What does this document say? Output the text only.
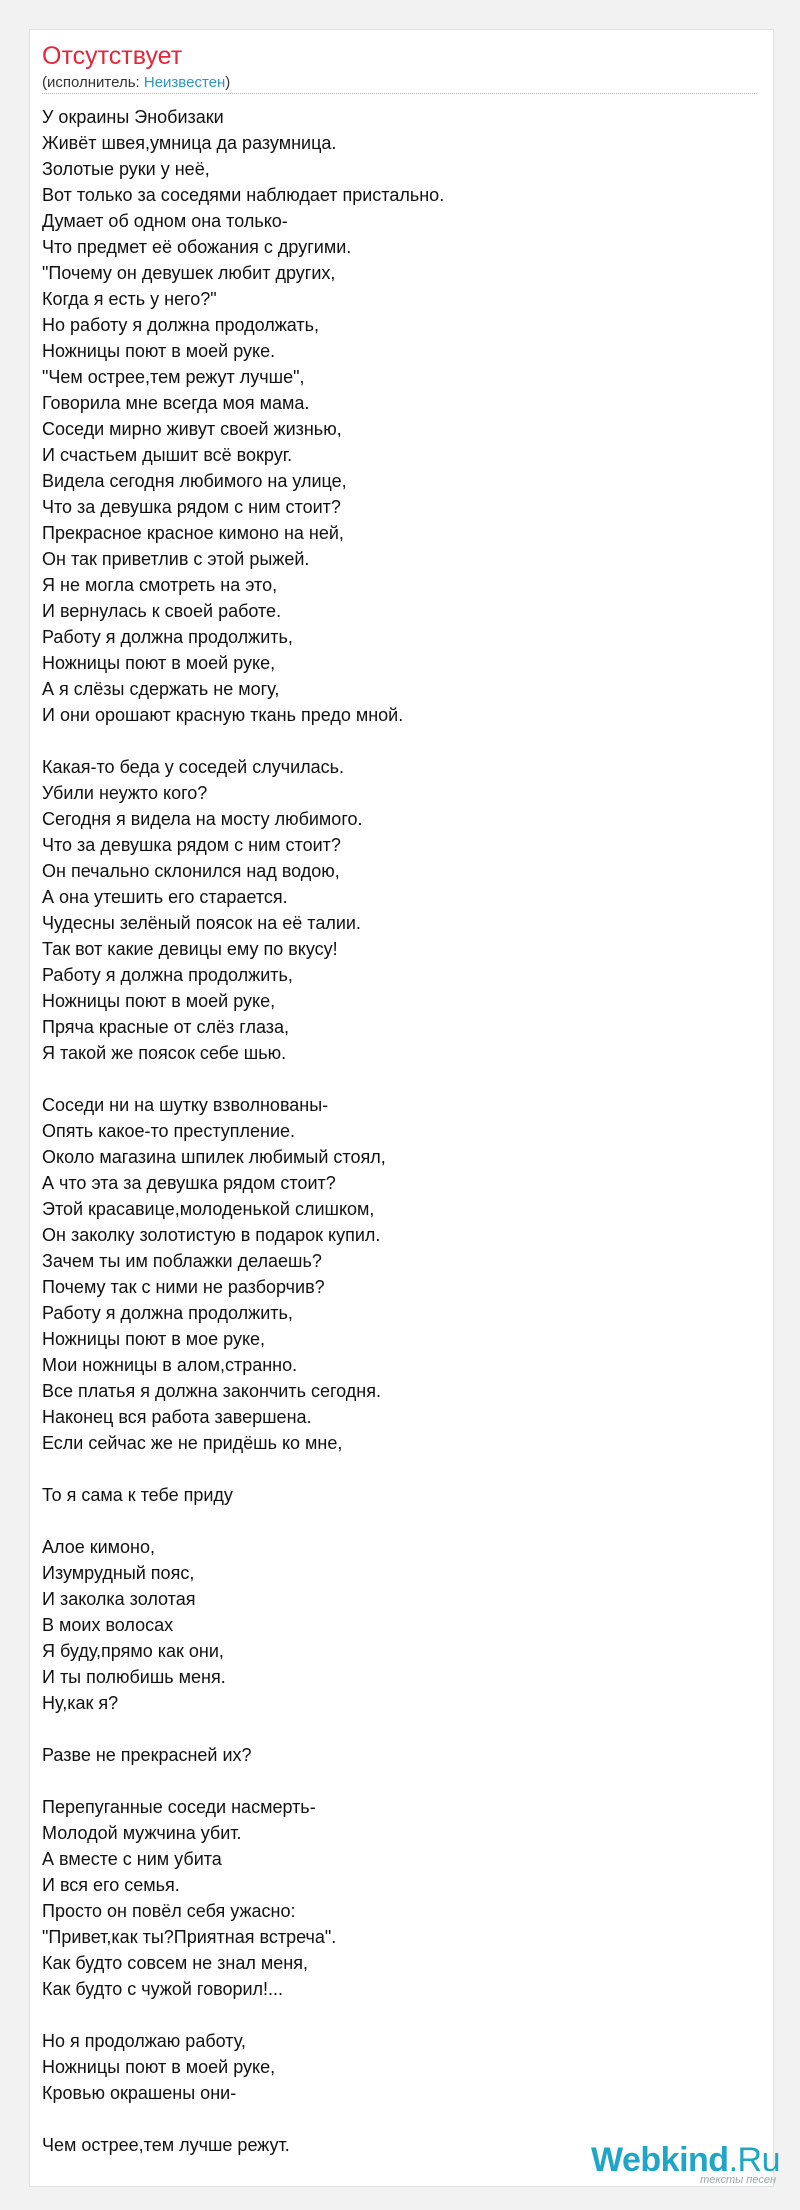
Отсутствует
(исполнитель: Неизвестен)
У окраины Энобизаки
Живёт швея,умница да разумница.
Золотые руки у неё,
Вот только за соседями наблюдает пристально.
Думает об одном она только-
Что предмет её обожания с другими.
"Почему он девушек любит других,
Когда я есть у него?"
Но работу я должна продолжать,
Ножницы поют в моей руке.
"Чем острее,тем режут лучше",
Говорила мне всегда моя мама.
Соседи мирно живут своей жизнью,
И счастьем дышит всё вокруг.
Видела сегодня любимого на улице,
Что за девушка рядом с ним стоит?
Прекрасное красное кимоно на ней,
Он так приветлив с этой рыжей.
Я не могла смотреть на это,
И вернулась к своей работе.
Работу я должна продолжить,
Ножницы поют в моей руке,
А я слёзы сдержать не могу,
И они орошают красную ткань предо мной.
Какая-то беда у соседей случилась.
Убили неужто кого?
Сегодня я видела на мосту любимого.
Что за девушка рядом с ним стоит?
Он печально склонился над водою,
А она утешить его старается.
Чудесны зелёный поясок на её талии.
Так вот какие девицы ему по вкусу!
Работу я должна продолжить,
Ножницы поют в моей руке,
Пряча красные от слёз глаза,
Я такой же поясок себе шью.
Соседи ни на шутку взволнованы-
Опять какое-то преступление.
Около магазина шпилек любимый стоял,
А что эта за девушка рядом стоит?
Этой красавице,молоденькой слишком,
Он заколку золотистую в подарок купил.
Зачем ты им поблажки делаешь?
Почему так с ними не разборчив?
Работу я должна продолжить,
Ножницы поют в мое руке,
Мои ножницы в алом,странно.
Все платья я должна закончить сегодня.
Наконец вся работа завершена.
Если сейчас же не придёшь ко мне,
То я сама к тебе приду
Алое кимоно,
Изумрудный пояс,
И заколка золотая
В моих волосах
Я буду,прямо как они,
И ты полюбишь меня.
Ну,как я?
Разве не прекрасней их?
Перепуганные соседи насмерть-
Молодой мужчина убит.
А вместе с ним убита
И вся его семья.
Просто он повёл себя ужасно:
"Привет,как ты?Приятная встреча".
Как будто совсем не знал меня,
Как будто с чужой говорил!...
Но я продолжаю работу,
Ножницы поют в моей руке,
Кровью окрашены они-
Чем острее,тем лучше режут.	Webkind.Ru
тексты песен
